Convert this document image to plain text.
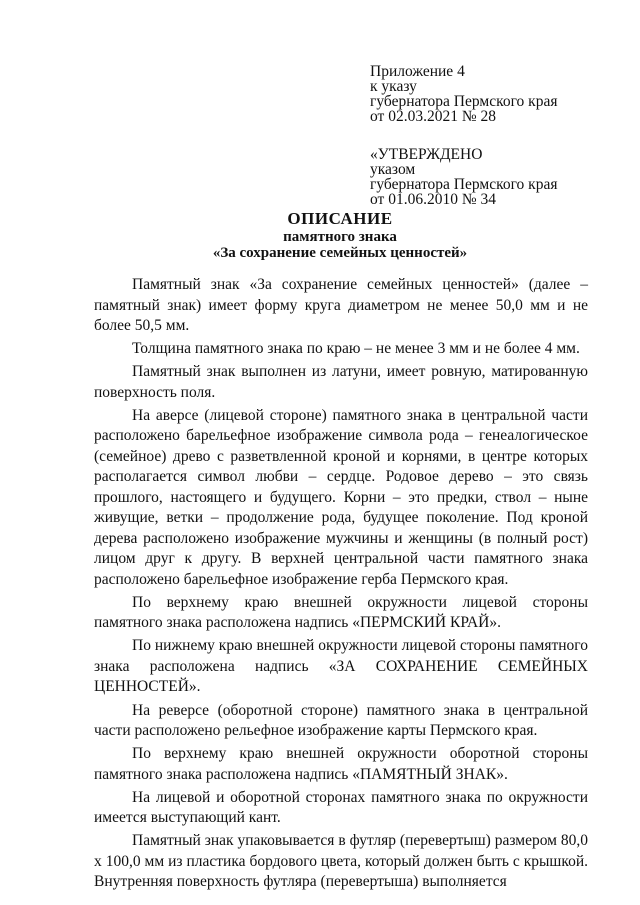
Приложение 4
к указу
губернатора Пермского края
от 02.03.2021 № 28
«УТВЕРЖДЕНО
указом
губернатора Пермского края
от 01.06.2010 № 34
ОПИСАНИЕ
памятного знака
«За сохранение семейных ценностей»

Памятный знак «За сохранение семейных ценностей» (далее – памятный знак) имеет форму круга диаметром не менее 50,0 мм и не более 50,5 мм.

Толщина памятного знака по краю – не менее 3 мм и не более 4 мм.

Памятный знак выполнен из латуни, имеет ровную, матированную поверхность поля.

На аверсе (лицевой стороне) памятного знака в центральной части расположено барельефное изображение символа рода – генеалогическое (семейное) древо с разветвленной кроной и корнями, в центре которых располагается символ любви – сердце. Родовое дерево – это связь прошлого, настоящего и будущего. Корни – это предки, ствол – ныне живущие, ветки – продолжение рода, будущее поколение. Под кроной дерева расположено изображение мужчины и женщины (в полный рост) лицом друг к другу. В верхней центральной части памятного знака расположено барельефное изображение герба Пермского края.

По верхнему краю внешней окружности лицевой стороны памятного знака расположена надпись «ПЕРМСКИЙ КРАЙ».

По нижнему краю внешней окружности лицевой стороны памятного знака расположена надпись «ЗА СОХРАНЕНИЕ СЕМЕЙНЫХ ЦЕННОСТЕЙ».

На реверсе (оборотной стороне) памятного знака в центральной части расположено рельефное изображение карты Пермского края.

По верхнему краю внешней окружности оборотной стороны памятного знака расположена надпись «ПАМЯТНЫЙ ЗНАК».

На лицевой и оборотной сторонах памятного знака по окружности имеется выступающий кант.

Памятный знак упаковывается в футляр (перевертыш) размером 80,0 х 100,0 мм из пластика бордового цвета, который должен быть с крышкой. Внутренняя поверхность футляра (перевертыша) выполняется
